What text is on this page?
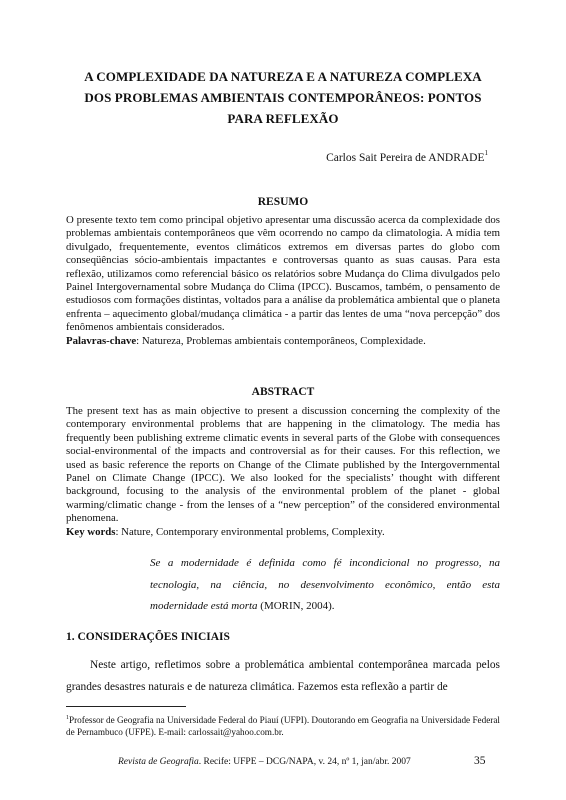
A COMPLEXIDADE DA NATUREZA E A NATUREZA COMPLEXA
DOS PROBLEMAS AMBIENTAIS CONTEMPORÂNEOS: PONTOS
PARA REFLEXÃO
Carlos Sait Pereira de ANDRADE$^1$
RESUMO
O presente texto tem como principal objetivo apresentar uma discussão acerca da complexidade dos problemas ambientais contemporâneos que vêm ocorrendo no campo da climatologia. A mídia tem divulgado, frequentemente, eventos climáticos extremos em diversas partes do globo com conseqüências sócio-ambientais impactantes e controversas quanto as suas causas. Para esta reflexão, utilizamos como referencial básico os relatórios sobre Mudança do Clima divulgados pelo Painel Intergovernamental sobre Mudança do Clima (IPCC). Buscamos, também, o pensamento de estudiosos com formações distintas, voltados para a análise da problemática ambiental que o planeta enfrenta – aquecimento global/mudança climática - a partir das lentes de uma “nova percepção” dos fenômenos ambientais considerados.
Palavras-chave: Natureza, Problemas ambientais contemporâneos, Complexidade.
ABSTRACT
The present text has as main objective to present a discussion concerning the complexity of the contemporary environmental problems that are happening in the climatology. The media has frequently been publishing extreme climatic events in several parts of the Globe with consequences social-environmental of the impacts and controversial as for their causes. For this reflection, we used as basic reference the reports on Change of the Climate published by the Intergovernmental Panel on Climate Change (IPCC). We also looked for the specialists’ thought with different background, focusing to the analysis of the environmental problem of the planet - global warming/climatic change - from the lenses of a “new perception” of the considered environmental phenomena.
Key words: Nature, Contemporary environmental problems, Complexity.
Se a modernidade é definida como fé incondicional no progresso, na tecnologia, na ciência, no desenvolvimento econômico, então esta modernidade está morta (MORIN, 2004).
1. CONSIDERAÇÕES INICIAIS
Neste artigo, refletimos sobre a problemática ambiental contemporânea marcada pelos grandes desastres naturais e de natureza climática. Fazemos esta reflexão a partir de
$^1$Professor de Geografia na Universidade Federal do Piauí (UFPI). Doutorando em Geografia na Universidade Federal de Pernambuco (UFPE). E-mail: carlossait@yahoo.com.br.
Revista de Geografia. Recife: UFPE – DCG/NAPA, v. 24, nº 1, jan/abr. 2007	35
